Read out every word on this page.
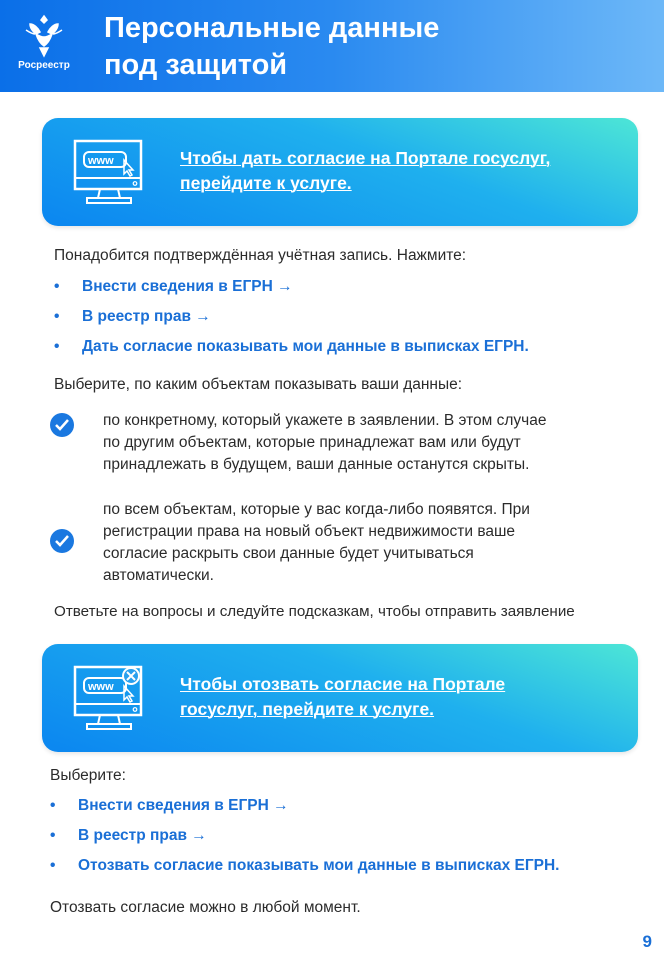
Росреестр
Персональные данные
под защитой
www	Чтобы дать согласие на Портале госуслуг,
перейдите к услуге.
Понадобится подтверждённая учётная запись. Нажмите:
• Внести сведения в ЕГРН →
• В реестр прав →
• Дать согласие показывать мои данные в выписках ЕГРН.
Выберите, по каким объектам показывать ваши данные:
по конкретному, который укажете в заявлении. В этом случае
по другим объектам, которые принадлежат вам или будут
принадлежать в будущем, ваши данные останутся скрыты.
по всем объектам, которые у вас когда-либо появятся. При
регистрации права на новый объект недвижимости ваше
согласие раскрыть свои данные будет учитываться
автоматически.
Ответьте на вопросы и следуйте подсказкам, чтобы отправить заявление
www	Чтобы отозвать согласие на Портале
госуслуг, перейдите к услуге.
Выберите:
• Внести сведения в ЕГРН →
• В реестр прав →
• Отозвать согласие показывать мои данные в выписках ЕГРН.
Отозвать согласие можно в любой момент.
9
